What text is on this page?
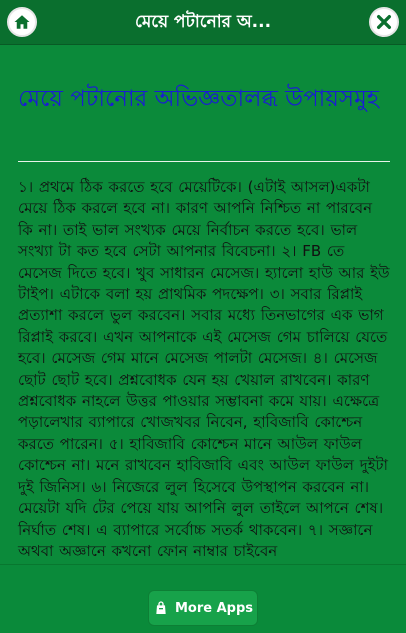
মেয়ে পটানোর অ...
মেয়ে পটানোর অভিজ্ঞতালব্ধ উপায়সমুহ
১। প্রথমে ঠিক করতে হবে মেয়েটিকে। (এটাই আসল)একটা মেয়ে ঠিক করলে হবে না। কারণ আপনি নিশ্চিত না পারবেন কি না। তাই ভাল সংখ্যক মেয়ে নির্বাচন করতে হবে। ভাল সংখ্যা টা কত হবে সেটা আপনার বিবেচনা। ২। FB তে মেসেজ দিতে হবে। খুব সাধারন মেসেজ। হ্যালো হাউ আর ইউ টাইপ। এটাকে বলা হয় প্রাথমিক পদক্ষেপ। ৩। সবার রিপ্লাই প্রত্যাশা করলে ভুল করবেন। সবার মধ্যে তিনভাগের এক ভাগ রিপ্লাই করবে। এখন আপনাকে এই মেসেজ গেম চালিয়ে যেতে হবে। মেসেজ গেম মানে মেসেজ পালটা মেসেজ। ৪। মেসেজ ছোট ছোট হবে। প্রশ্নবোধক যেন হয় খেয়াল রাখবেন। কারণ প্রশ্নবোধক নাহলে উত্তর পাওয়ার সম্ভাবনা কমে যায়। এক্ষেত্রে পড়ালেখার ব্যাপারে খোজখবর নিবেন, হাবিজাবি কোশ্চেন করতে পারেন। ৫। হাবিজাবি কোশ্চেন মানে আউল ফাউল কোশ্চেন না। মনে রাখবেন হাবিজাবি এবং আউল ফাউল দুইটা দুই জিনিস। ৬। নিজেরে লুল হিসেবে উপস্থাপন করবেন না। মেয়েটা যদি টের পেয়ে যায় আপনি লুল তাইলে আপনে শেষ। নির্ঘাত শেষ। এ ব্যাপারে সর্বোচ্চ সতর্ক থাকবেন। ৭। সজ্ঞানে অথবা অজ্ঞানে কখনো ফোন নাম্বার চাইবেন
More Apps
